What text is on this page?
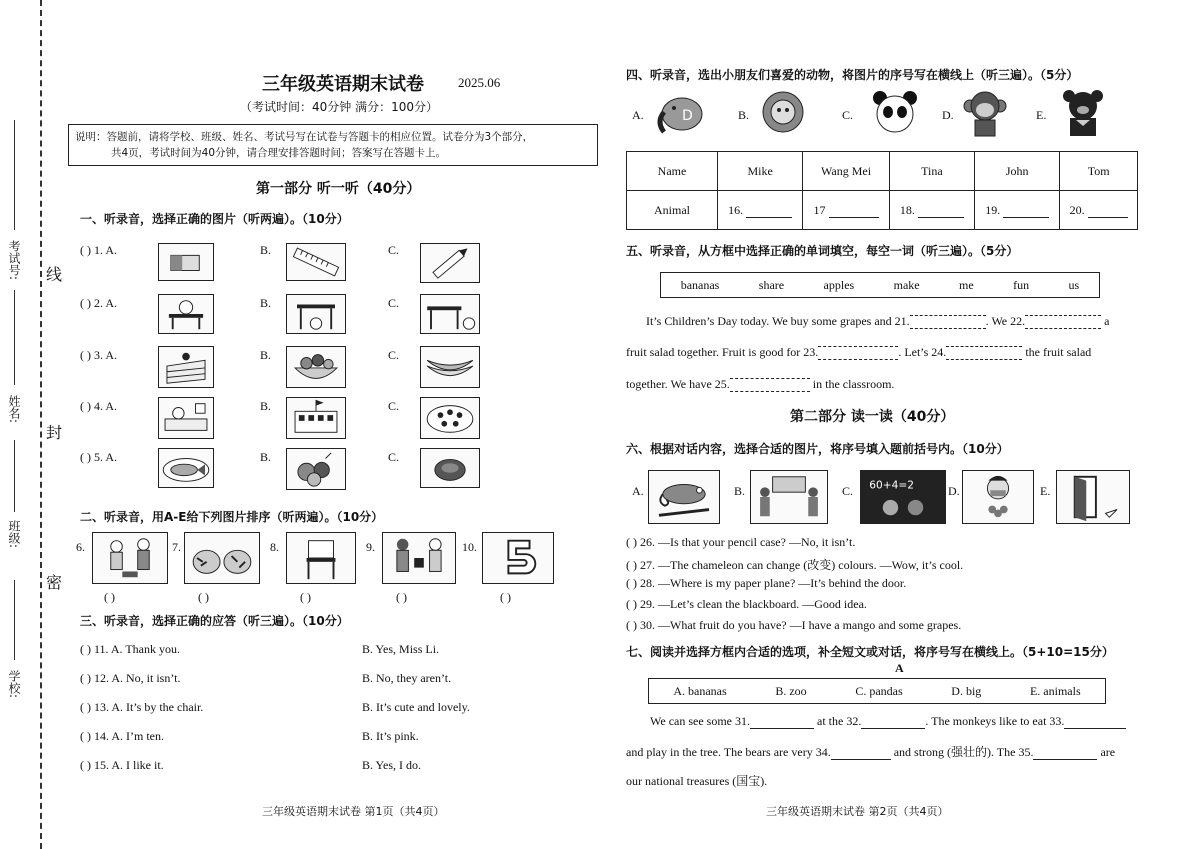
考试号:
姓名:
班级:
学校:
线
封
密
三年级英语期末试卷	2025.06
（考试时间：40分钟 满分：100分）
说明：答题前，请将学校、班级、姓名、考试号写在试卷与答题卡的相应位置。试卷分为3个部分，
共4页，考试时间为40分钟，请合理安排答题时间；答案写在答题卡上。
第一部分 听一听（40分）
一、听录音，选择正确的图片（听两遍）。（10分）
( ) 1. A.	B.	C.
( ) 2. A.	B.	C.
( ) 3. A.	B.	C.
( ) 4. A.	B.	C.
( ) 5. A.	B.	C.
二、听录音，用A-E给下列图片排序（听两遍）。（10分）
6.	7.	8.	9.	10.
( )	( )	( )	( )	( )
三、听录音，选择正确的应答（听三遍）。（10分）
( ) 11. A. Thank you.	B. Yes, Miss Li.
( ) 12. A. No, it isn’t.	B. No, they aren’t.
( ) 13. A. It’s by the chair.	B. It’s cute and lovely.
( ) 14. A. I’m ten.	B. It’s pink.
( ) 15. A. I like it.	B. Yes, I do.
三年级英语期末试卷 第1页（共4页）
四、听录音，选出小朋友们喜爱的动物，将图片的序号写在横线上（听三遍）。（5分）
A.	D	B.	C.	D.	E.
Name	Mike	Wang Mei	Tina	John	Tom
Animal	16.	17	18.	19.	20.
五、听录音，从方框中选择正确的单词填空，每空一词（听三遍）。（5分）
bananas	share	apples	make	me	fun	us
It’s Children’s Day today. We buy some grapes and 21.	. We 22.	a
fruit salad together. Fruit is good for 23.	. Let’s 24.	the fruit salad
together. We have 25.	in the classroom.
第二部分 读一读（40分）
六、根据对话内容，选择合适的图片，将序号填入题前括号内。（10分）
A.	B.	C. 60+4=2	D.	E.
( ) 26. —Is that your pencil case? —No, it isn’t.
( ) 27. —The chameleon can change (改变) colours. —Wow, it’s cool.
( ) 28. —Where is my paper plane? —It’s behind the door.
( ) 29. —Let’s clean the blackboard. —Good idea.
( ) 30. —What fruit do you have? —I have a mango and some grapes.
七、阅读并选择方框内合适的选项，补全短文或对话，将序号写在横线上。（5+10=15分）
A
A. bananas	B. zoo	C. pandas	D. big	E. animals
We can see some 31.	at the 32.	. The monkeys like to eat 33.
and play in the tree. The bears are very 34.	and strong (强壮的). The 35.	are
our national treasures (国宝).
三年级英语期末试卷 第2页（共4页）
